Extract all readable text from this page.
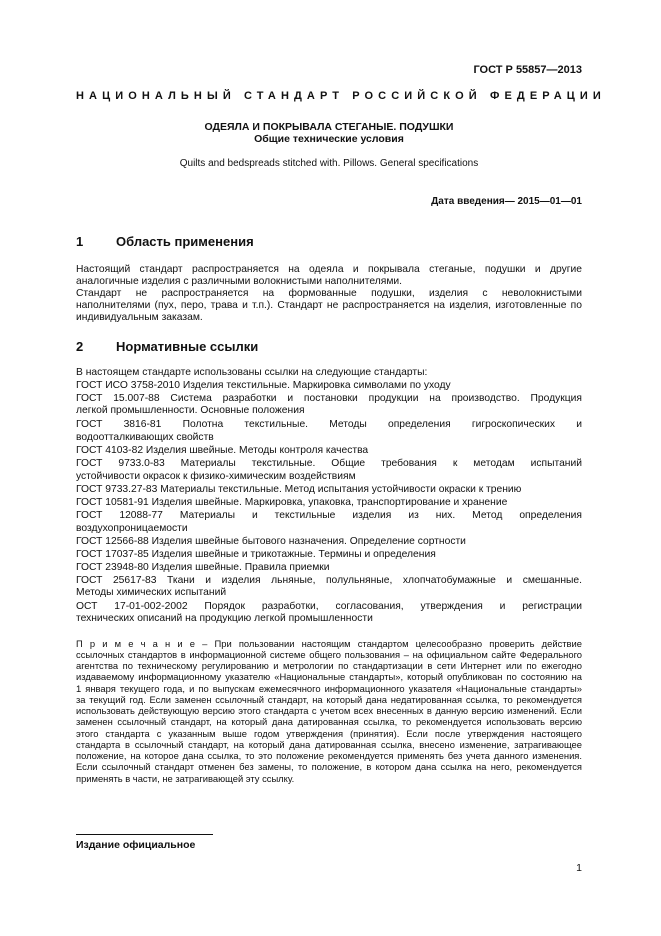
ГОСТ Р 55857—2013
НАЦИОНАЛЬНЫЙ СТАНДАРТ РОССИЙСКОЙ ФЕДЕРАЦИИ
ОДЕЯЛА И ПОКРЫВАЛА СТЕГАНЫЕ. ПОДУШКИ
Общие технические условия
Quilts and bedspreads stitched with. Pillows. General specifications
Дата введения— 2015—01—01
1	Область применения
Настоящий стандарт распространяется на одеяла и покрывала стеганые, подушки и другие
аналогичные изделия с различными волокнистыми наполнителями.
Стандарт не распространяется на формованные подушки, изделия с неволокнистыми
наполнителями (пух, перо, трава и т.п.). Стандарт не распространяется на изделия, изготовленные по
индивидуальным заказам.
2	Нормативные ссылки
В настоящем стандарте использованы ссылки на следующие стандарты:
ГОСТ ИСО 3758-2010 Изделия текстильные. Маркировка символами по уходу
ГОСТ 15.007-88 Система разработки и постановки продукции на производство. Продукция
легкой промышленности. Основные положения
ГОСТ 3816-81 Полотна текстильные. Методы определения гигроскопических и
водоотталкивающих свойств
ГОСТ 4103-82 Изделия швейные. Методы контроля качества
ГОСТ 9733.0-83 Материалы текстильные. Общие требования к методам испытаний
устойчивости окрасок к физико-химическим воздействиям
ГОСТ 9733.27-83 Материалы текстильные. Метод испытания устойчивости окраски к трению
ГОСТ 10581-91 Изделия швейные. Маркировка, упаковка, транспортирование и хранение
ГОСТ 12088-77 Материалы и текстильные изделия из них. Метод определения
воздухопроницаемости
ГОСТ 12566-88 Изделия швейные бытового назначения. Определение сортности
ГОСТ 17037-85 Изделия швейные и трикотажные. Термины и определения
ГОСТ 23948-80 Изделия швейные. Правила приемки
ГОСТ 25617-83 Ткани и изделия льняные, полульняные, хлопчатобумажные и смешанные.
Методы химических испытаний
ОСТ 17-01-002-2002 Порядок разработки, согласования, утверждения и регистрации
технических описаний на продукцию легкой промышленности
П р и м е ч а н и е – При пользовании настоящим стандартом целесообразно проверить действие
ссылочных стандартов в информационной системе общего пользования – на официальном сайте Федерального
агентства по техническому регулированию и метрологии по стандартизации в сети Интернет или по ежегодно
издаваемому информационному указателю «Национальные стандарты», который опубликован по состоянию на
1 января текущего года, и по выпускам ежемесячного информационного указателя «Национальные стандарты»
за текущий год. Если заменен ссылочный стандарт, на который дана недатированная ссылка, то рекомендуется
использовать действующую версию этого стандарта с учетом всех внесенных в данную версию изменений. Если
заменен ссылочный стандарт, на который дана датированная ссылка, то рекомендуется использовать версию
этого стандарта с указанным выше годом утверждения (принятия). Если после утверждения настоящего
стандарта в ссылочный стандарт, на который дана датированная ссылка, внесено изменение, затрагивающее
положение, на которое дана ссылка, то это положение рекомендуется применять без учета данного изменения.
Если ссылочный стандарт отменен без замены, то положение, в котором дана ссылка на него, рекомендуется
применять в части, не затрагивающей эту ссылку.
Издание официальное
1
